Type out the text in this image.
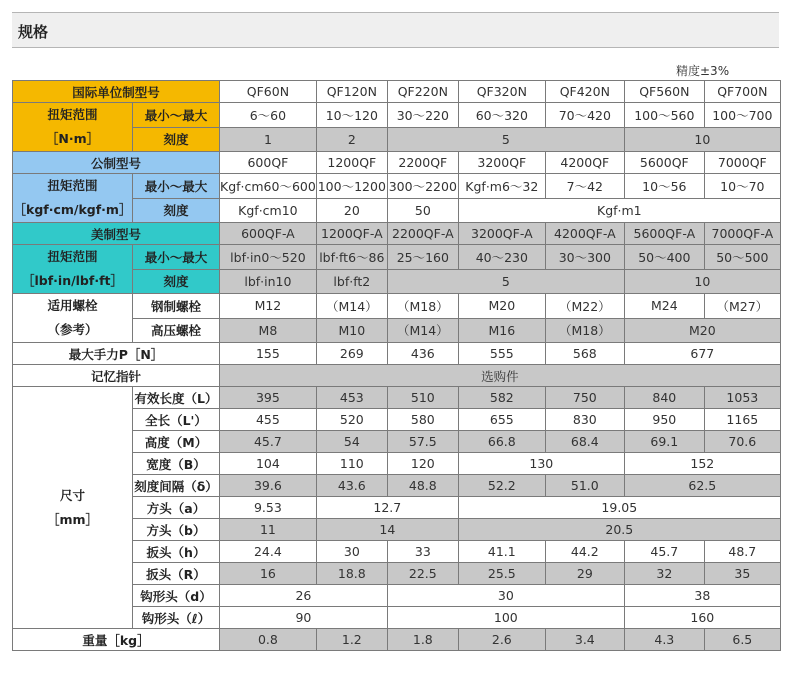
规格
精度±3%
国际单位制型号		QF60N	QF120N	QF220N	QF320N	QF420N	QF560N	QF700N

扭矩范围
［N·m］	最小～最大	6～60	10～120	30～220	60～320	70～420	100～560	100～700
	刻度	1	2	5			10	
公制型号		600QF	1200QF	2200QF	3200QF	4200QF	5600QF	7000QF

扭矩范围
［kgf·cm/kgf·m］	最小～最大	Kgf·cm60～600	100～1200	300～2200	Kgf·m6～32	7～42	10～56	10～70
	刻度	Kgf·cm10	20	50	Kgf·m1			
美制型号		600QF-A	1200QF-A	2200QF-A	3200QF-A	4200QF-A	5600QF-A	7000QF-A

扭矩范围
［lbf·in/lbf·ft］	最小～最大	lbf·in0～520	lbf·ft6～86	25～160	40～230	30～300	50～400	50～500
	刻度	lbf·in10	lbf·ft2	5			10	

适用螺栓
（参考）	钢制螺栓	M12	（M14）	（M18）	M20	（M22）	M24	（M27）
	高压螺栓	M8	M10	（M14）	M16	（M18）	M20	
最大手力P［N］		155	269	436	555	568	677	
记忆指针		选购件						

尺寸
［mm］	有效长度（L）	395	453	510	582	750	840	1053
	全长（L'）	455	520	580	655	830	950	1165
	高度（M）	45.7	54	57.5	66.8	68.4	69.1	70.6
	宽度（B）	104	110	120	130		152	
	刻度间隔（δ）	39.6	43.6	48.8	52.2	51.0	62.5	
	方头（a）	9.53	12.7		19.05			
	方头（b）	11	14		20.5			
	扳头（h）	24.4	30	33	41.1	44.2	45.7	48.7
	扳头（R）	16	18.8	22.5	25.5	29	32	35
	钩形头（d）	26		30			38	
	钩形头（ℓ）	90		100			160	
重量［kg］		0.8	1.2	1.8	2.6	3.4	4.3	6.5
